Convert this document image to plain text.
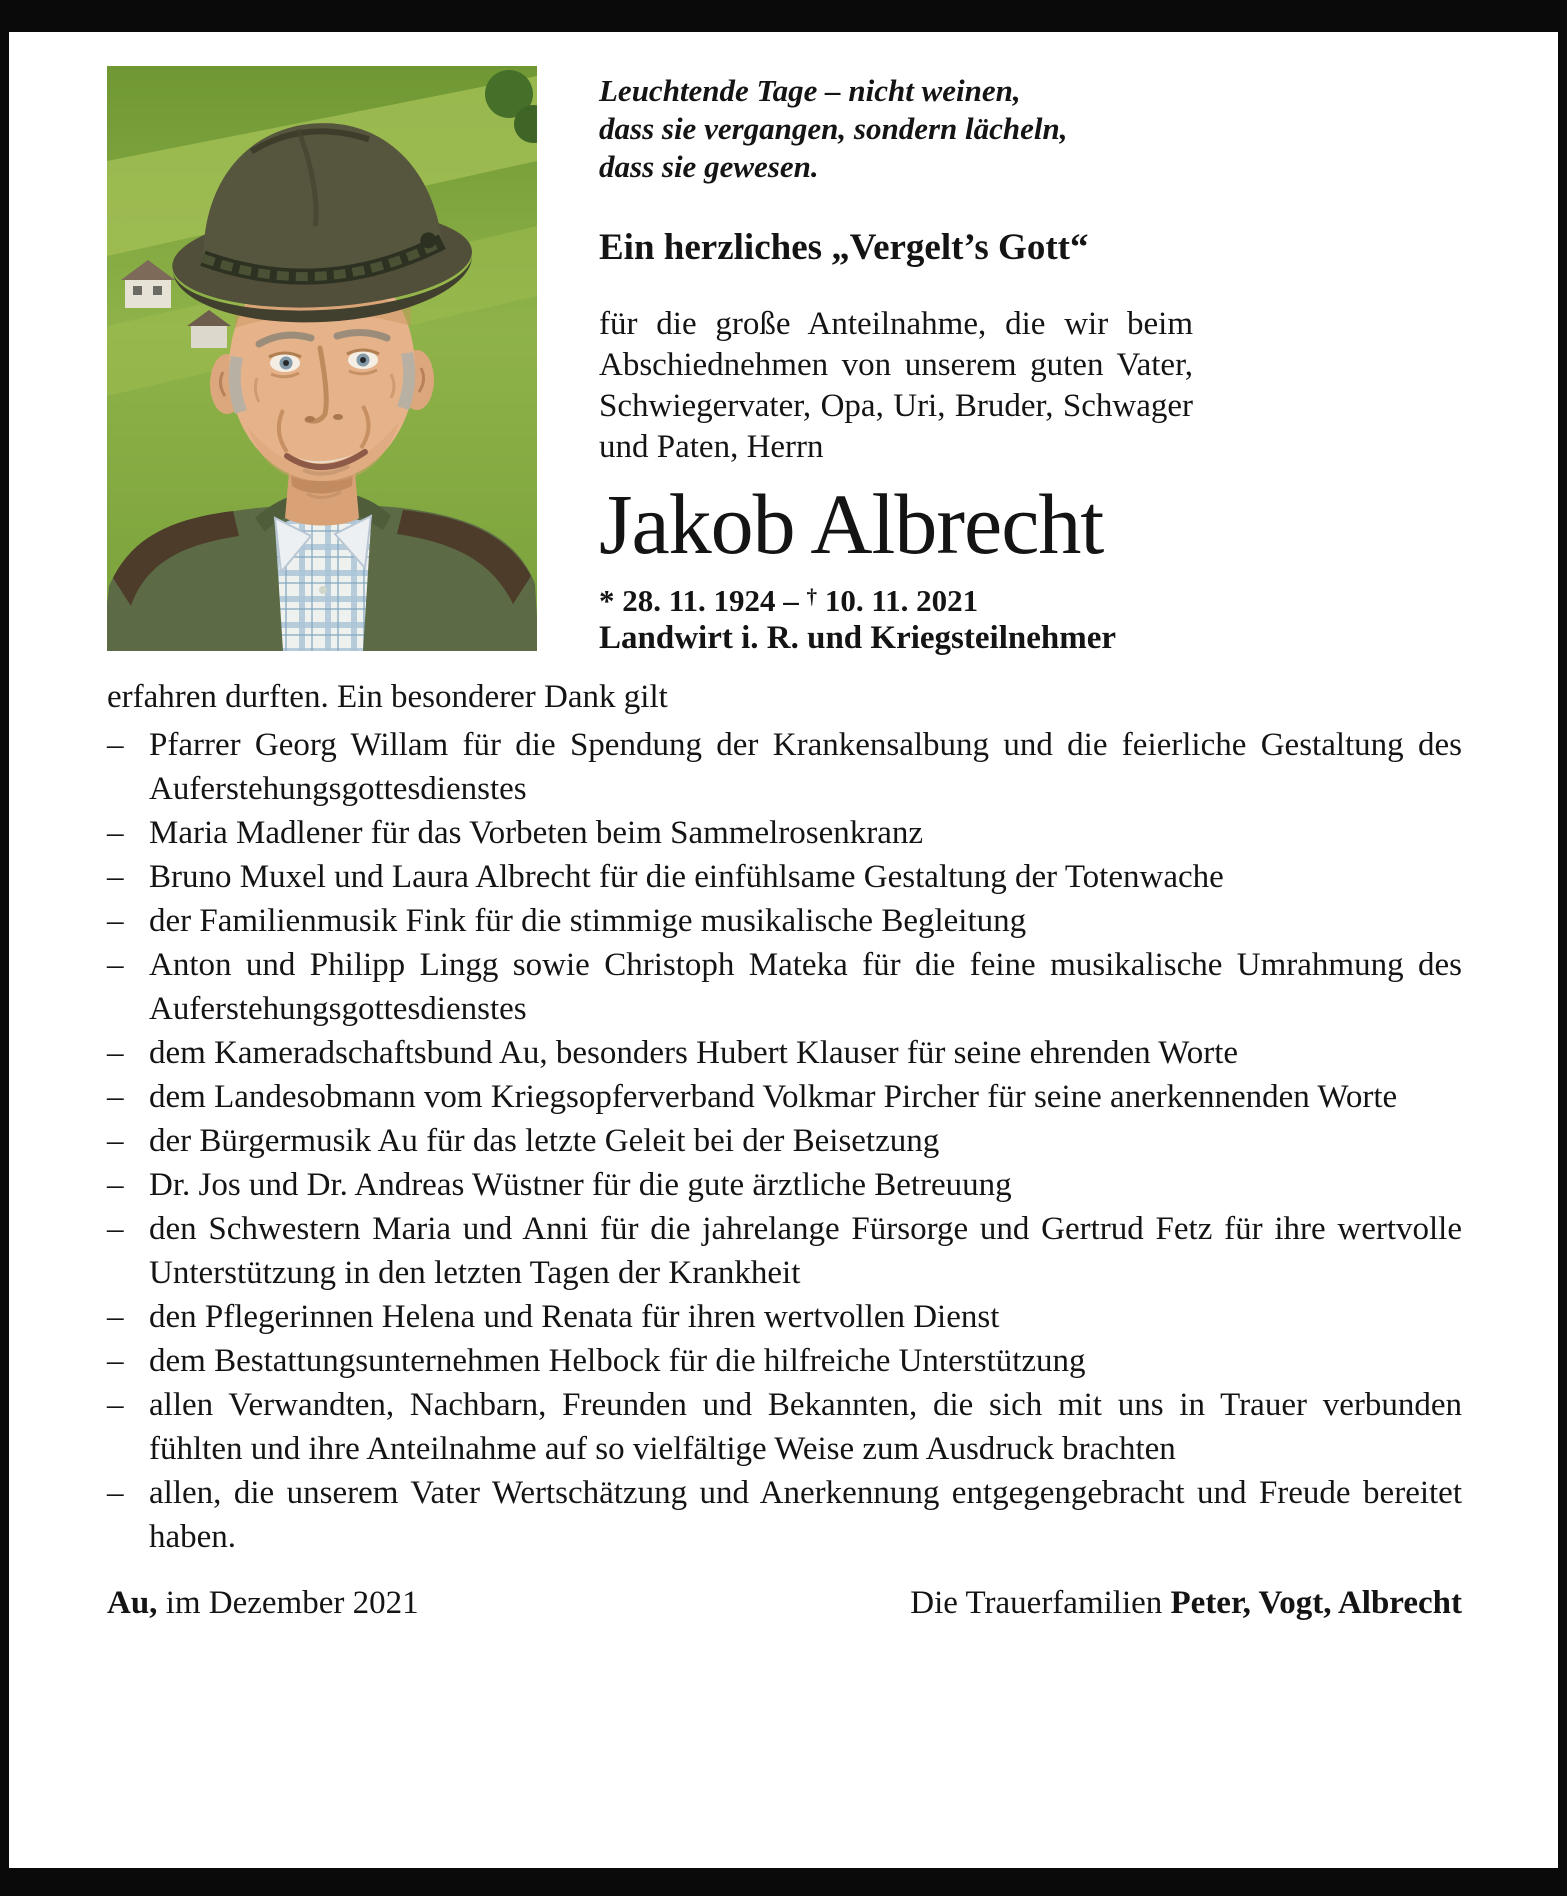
Leuchtende Tage – nicht weinen,
dass sie vergangen, sondern lächeln,
dass sie gewesen.
Ein herzliches „Vergelt’s Gott“
für die große Anteilnahme, die wir beim Abschiednehmen von unserem guten Vater, Schwiegervater, Opa, Uri, Bruder, Schwager und Paten, Herrn
Jakob Albrecht
* 28. 11. 1924 – † 10. 11. 2021
Landwirt i. R. und Kriegsteilnehmer
erfahren durften. Ein besonderer Dank gilt
– Pfarrer Georg Willam für die Spendung der Krankensalbung und die feierliche Gestaltung des Auferstehungsgottesdienstes
– Maria Madlener für das Vorbeten beim Sammelrosenkranz
– Bruno Muxel und Laura Albrecht für die einfühlsame Gestaltung der Totenwache
– der Familienmusik Fink für die stimmige musikalische Begleitung
– Anton und Philipp Lingg sowie Christoph Mateka für die feine musikalische Umrahmung des Auferstehungsgottesdienstes
– dem Kameradschaftsbund Au, besonders Hubert Klauser für seine ehrenden Worte
– dem Landesobmann vom Kriegsopferverband Volkmar Pircher für seine anerkennenden Worte
– der Bürgermusik Au für das letzte Geleit bei der Beisetzung
– Dr. Jos und Dr. Andreas Wüstner für die gute ärztliche Betreuung
– den Schwestern Maria und Anni für die jahrelange Fürsorge und Gertrud Fetz für ihre wertvolle Unterstützung in den letzten Tagen der Krankheit
– den Pflegerinnen Helena und Renata für ihren wertvollen Dienst
– dem Bestattungsunternehmen Helbock für die hilfreiche Unterstützung
– allen Verwandten, Nachbarn, Freunden und Bekannten, die sich mit uns in Trauer verbunden fühlten und ihre Anteilnahme auf so vielfältige Weise zum Ausdruck brachten
– allen, die unserem Vater Wertschätzung und Anerkennung entgegengebracht und Freude bereitet haben.
Au, im Dezember 2021	Die Trauerfamilien Peter, Vogt, Albrecht
